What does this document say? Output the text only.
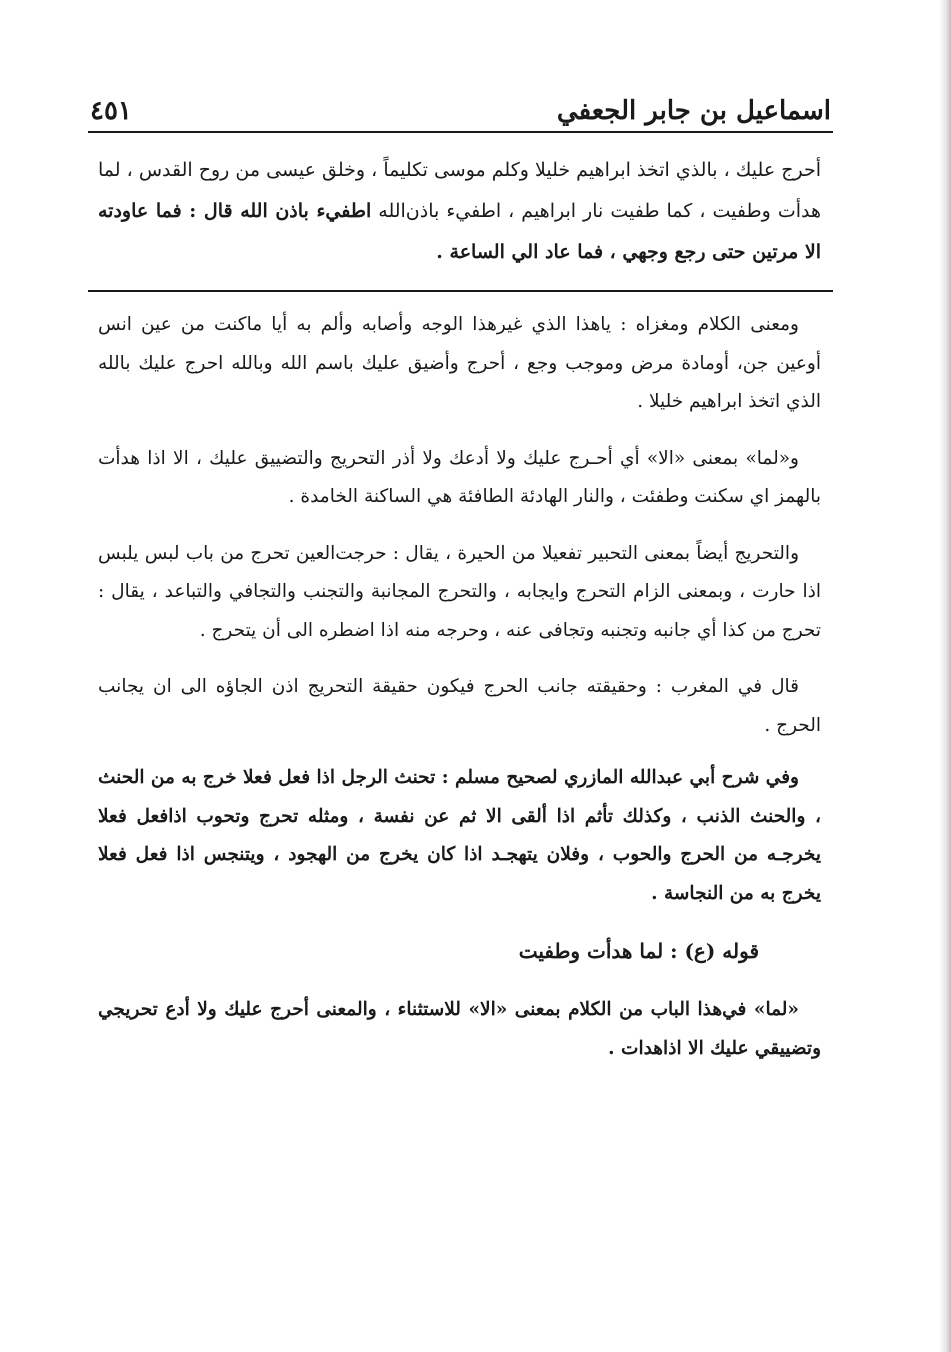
اسماعيل بن جابر الجعفي
٤٥١

أحرج عليك ، بالذي اتخذ ابراهيم خليلا وكلم موسى تكليماً ، وخلق عيسى من روح القدس ، لما هدأت وطفيت ، كما طفيت نار ابراهيم ، اطفيء باذن‌الله اطفيء باذن الله قال : فما عاودته الا مرتين حتى رجع وجهي ، فما عاد الي الساعة .

ومعنى الكلام ومغزاه : ياهذا الذي غيرهذا الوجه وأصابه وألم به أيا ماكنت من عين انس أوعين جن، أومادة مرض وموجب وجع ، أحرج وأضيق عليك باسم الله وبالله احرج عليك بالله الذي اتخذ ابراهيم خليلا .

و«لما» بمعنى «الا» أي أحـرج عليك ولا أدعك ولا أذر التحريج والتضييق عليك ، الا اذا هدأت بالهمز اي سكنت وطفئت ، والنار الهادئة الطافئة هي الساكنة الخامدة .

والتحريج أيضاً بمعنى التحبير تفعيلا من الحيرة ، يقال : حرجت‌العين تحرج من باب لبس يلبس اذا حارت ، وبمعنى الزام التحرج وايجابه ، والتحرج المجانبة والتجنب والتجافي والتباعد ، يقال : تحرج من كذا أي جانبه وتجنبه وتجافى عنه ، وحرجه منه اذا اضطره الى أن يتحرج .

قال في المغرب : وحقيقته جانب الحرج فيكون حقيقة التحريج اذن الجاؤه الى ان يجانب الحرج .

وفي شرح أبي عبدالله المازري لصحيح مسلم : تحنث الرجل اذا فعل فعلا خرج به من الحنث ، والحنث الذنب ، وكذلك تأثم اذا ألقى الا ثم عن نفسة ، ومثله تحرج وتحوب اذافعل فعلا يخرجـه من الحرج والحوب ، وفلان يتهجـد اذا كان يخرج من الهجود ، ويتنجس اذا فعل فعلا يخرج به من النجاسة .

قوله (ع) : لما هدأت وطفيت

«لما» في‌هذا الباب من الكلام بمعنى «الا» للاستثناء ، والمعنى أحرج عليك ولا أدع تحريجي وتضييقي عليك الا اذاهدات .
